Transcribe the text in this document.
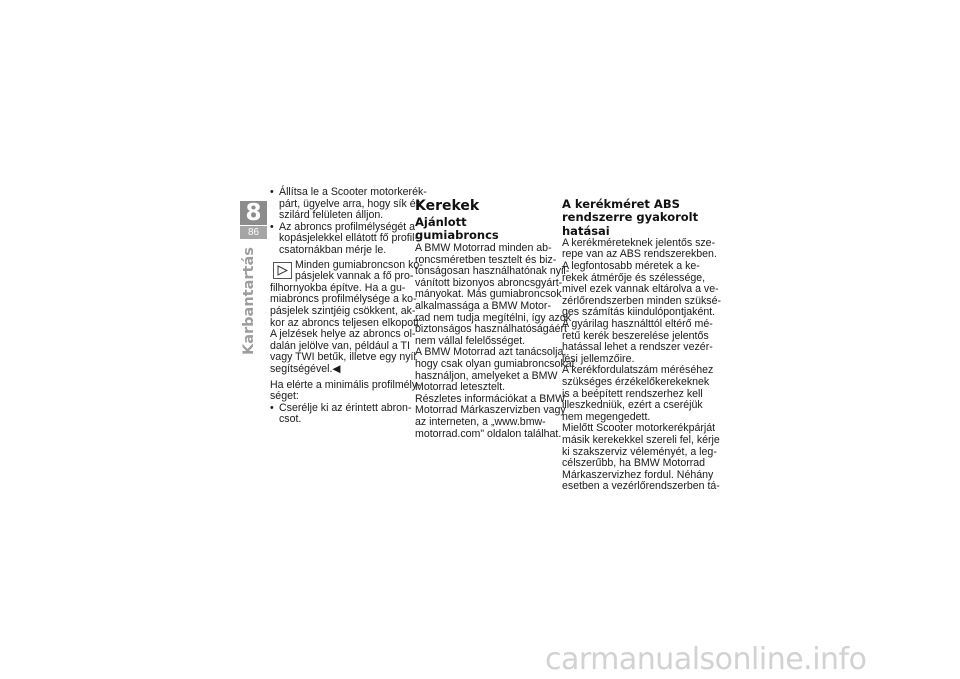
8
86
Karbantartás
• Állítsa le a Scooter motorkerék-
párt, ügyelve arra, hogy sík és
szilárd felületen álljon.
• Az abroncs profilmélységét a
kopásjelekkel ellátott fő profil-
csatornákban mérje le.
Minden gumiabroncson ko-
pásjelek vannak a fő pro-
filhornyokba építve. Ha a gu-
miabroncs profilmélysége a ko-
pásjelek szintjéig csökkent, ak-
kor az abroncs teljesen elkopott.
A jelzések helye az abroncs ol-
dalán jelölve van, például a TI
vagy TWI betűk, illetve egy nyíl
segítségével.◀
Ha elérte a minimális profilmély-
séget:
• Cserélje ki az érintett abron-
csot.
Kerekek
Ajánlott gumiabroncs
A BMW Motorrad minden ab-
roncsméretben tesztelt és biz-
tonságosan használhatónak nyil-
vánított bizonyos abroncsgyárt-
mányokat. Más gumiabroncsok
alkalmassága a BMW Motor-
rad nem tudja megítélni, így azok
biztonságos használhatóságáért
nem vállal felelősséget.
A BMW Motorrad azt tanácsolja,
hogy csak olyan gumiabroncsokat
használjon, amelyeket a BMW
Motorrad letesztelt.
Részletes információkat a BMW
Motorrad Márkaszervizben vagy
az interneten, a „www.bmw-
motorrad.com" oldalon találhat.
A kerékméret ABS
rendszerre gyakorolt
hatásai
A kerékméreteknek jelentős sze-
repe van az ABS rendszerekben.
A legfontosabb méretek a ke-
rekek átmérője és szélessége,
mivel ezek vannak eltárolva a ve-
zérlőrendszerben minden szüksé-
ges számítás kiindulópontjaként.
A gyárilag használttól eltérő mé-
retű kerék beszerelése jelentős
hatással lehet a rendszer vezér-
lési jellemzőire.
A kerékfordulatszám méréséhez
szükséges érzékelőkerekeknek
is a beépített rendszerhez kell
illeszkedniük, ezért a cseréjük
nem megengedett.
Mielőtt Scooter motorkerékpárját
másik kerekekkel szereli fel, kérje
ki szakszerviz véleményét, a leg-
célszerűbb, ha BMW Motorrad
Márkaszervizhez fordul. Néhány
esetben a vezérlőrendszerben tá-
carmanualsonline.info
